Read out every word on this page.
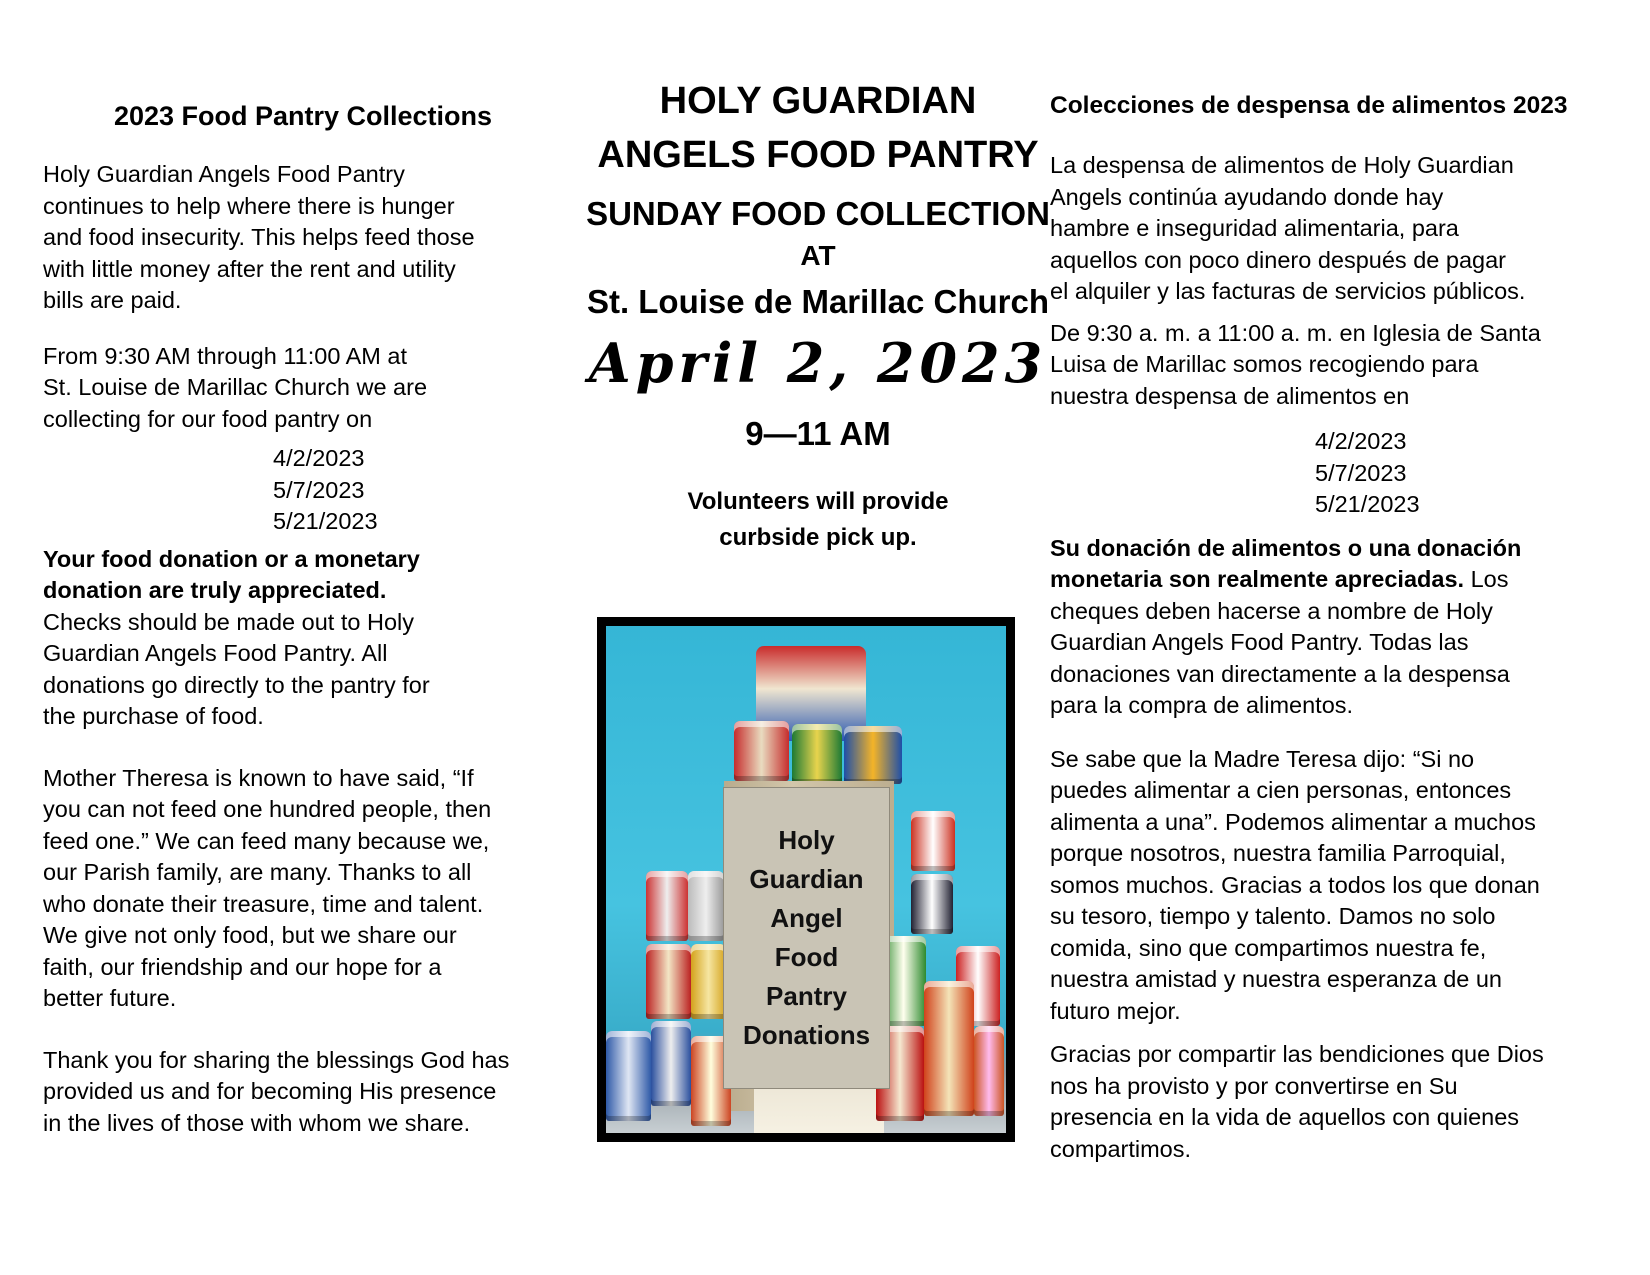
2023 Food Pantry Collections

Holy Guardian Angels Food Pantry
continues to help where there is hunger
and food insecurity. This helps feed those
with little money after the rent and utility
bills are paid.

From 9:30 AM through 11:00 AM at
St. Louise de Marillac Church we are
collecting for our food pantry on

4/2/2023
5/7/2023
5/21/2023

Your food donation or a monetary
donation are truly appreciated.
Checks should be made out to Holy
Guardian Angels Food Pantry. All
donations go directly to the pantry for
the purchase of food.

Mother Theresa is known to have said, “If
you can not feed one hundred people, then
feed one.” We can feed many because we,
our Parish family, are many. Thanks to all
who donate their treasure, time and talent.
We give not only food, but we share our
faith, our friendship and our hope for a
better future.

Thank you for sharing the blessings God has
provided us and for becoming His presence
in the lives of those with whom we share.

HOLY GUARDIAN
ANGELS FOOD PANTRY
SUNDAY FOOD COLLECTION
AT
St. Louise de Marillac Church
April 2, 2023
9—11 AM
Volunteers will provide
curbside pick up.
Holy
Guardian
Angel
Food
Pantry
Donations
Colecciones de despensa de alimentos 2023

La despensa de alimentos de Holy Guardian
Angels continúa ayudando donde hay
hambre e inseguridad alimentaria, para
aquellos con poco dinero después de pagar
el alquiler y las facturas de servicios públicos.

De 9:30 a. m. a 11:00 a. m. en Iglesia de Santa
Luisa de Marillac somos recogiendo para
nuestra despensa de alimentos en

4/2/2023
5/7/2023
5/21/2023

Su donación de alimentos o una donación
monetaria son realmente apreciadas. Los
cheques deben hacerse a nombre de Holy
Guardian Angels Food Pantry. Todas las
donaciones van directamente a la despensa
para la compra de alimentos.

Se sabe que la Madre Teresa dijo: “Si no
puedes alimentar a cien personas, entonces
alimenta a una”. Podemos alimentar a muchos
porque nosotros, nuestra familia Parroquial,
somos muchos. Gracias a todos los que donan
su tesoro, tiempo y talento. Damos no solo
comida, sino que compartimos nuestra fe,
nuestra amistad y nuestra esperanza de un
futuro mejor.

Gracias por compartir las bendiciones que Dios
nos ha provisto y por convertirse en Su
presencia en la vida de aquellos con quienes
compartimos.
